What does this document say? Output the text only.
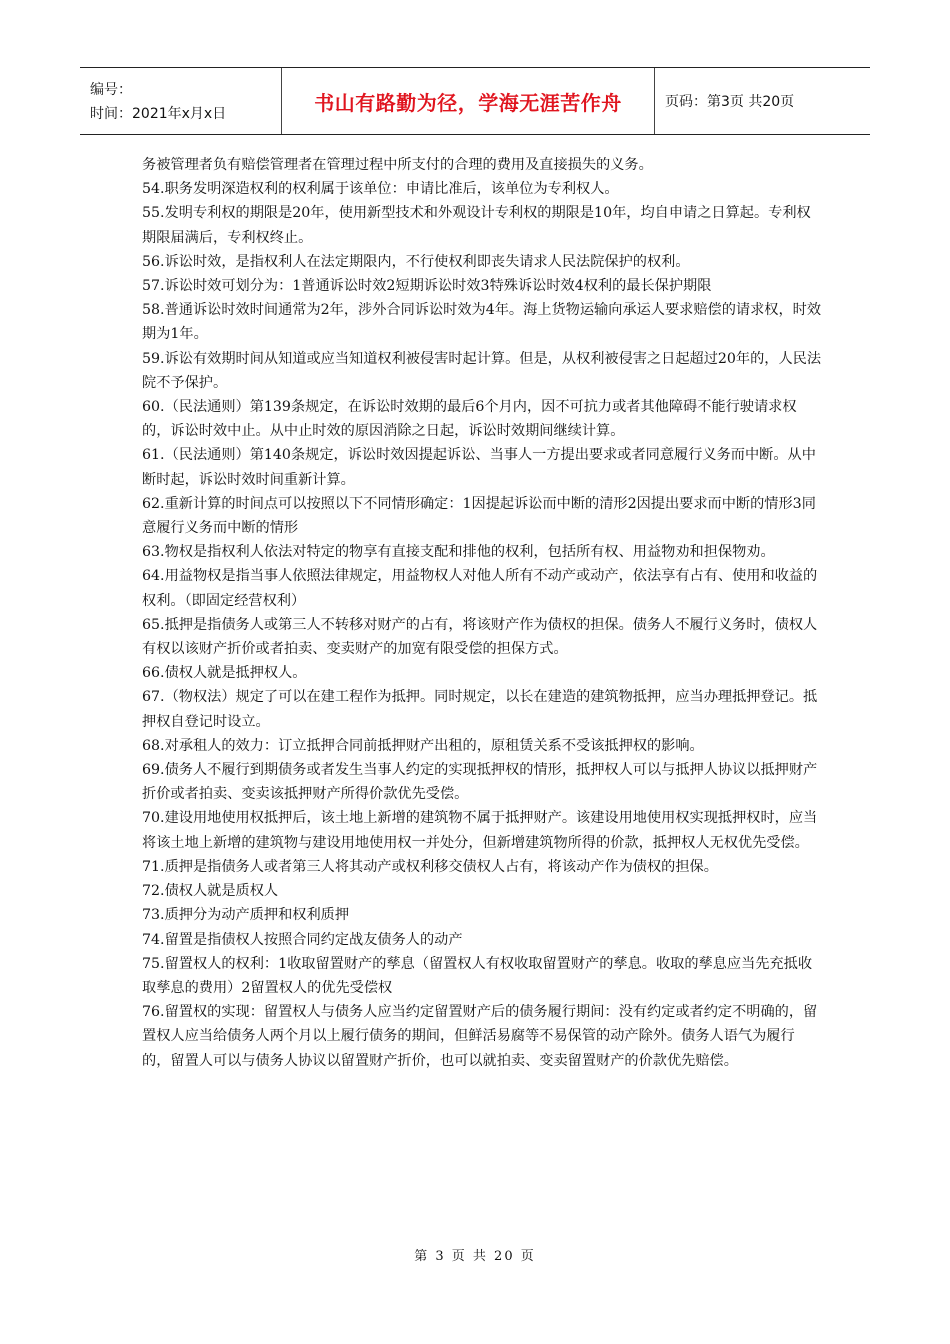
编号：
时间：2021年x月x日	书山有路勤为径，学海无涯苦作舟	页码：第3页 共20页

务被管理者负有赔偿管理者在管理过程中所支付的合理的费用及直接损失的义务。

54.职务发明深造权利的权利属于该单位：申请比准后，该单位为专利权人。

55.发明专利权的期限是20年，使用新型技术和外观设计专利权的期限是10年，均自申请之日算起。专利权期限届满后，专利权终止。

56.诉讼时效，是指权利人在法定期限内，不行使权利即丧失请求人民法院保护的权利。

57.诉讼时效可划分为：1普通诉讼时效2短期诉讼时效3特殊诉讼时效4权利的最长保护期限

58.普通诉讼时效时间通常为2年，涉外合同诉讼时效为4年。海上货物运输向承运人要求赔偿的请求权，时效期为1年。

59.诉讼有效期时间从知道或应当知道权利被侵害时起计算。但是，从权利被侵害之日起超过20年的，人民法院不予保护。

60.（民法通则）第139条规定，在诉讼时效期的最后6个月内，因不可抗力或者其他障碍不能行驶请求权的，诉讼时效中止。从中止时效的原因消除之日起，诉讼时效期间继续计算。

61.（民法通则）第140条规定，诉讼时效因提起诉讼、当事人一方提出要求或者同意履行义务而中断。从中断时起，诉讼时效时间重新计算。

62.重新计算的时间点可以按照以下不同情形确定：1因提起诉讼而中断的清形2因提出要求而中断的情形3同意履行义务而中断的情形

63.物权是指权利人依法对特定的物享有直接支配和排他的权利，包括所有权、用益物劝和担保物劝。

64.用益物权是指当事人依照法律规定，用益物权人对他人所有不动产或动产，依法享有占有、使用和收益的权利。（即固定经营权利）

65.抵押是指债务人或第三人不转移对财产的占有，将该财产作为债权的担保。债务人不履行义务时，债权人有权以该财产折价或者拍卖、变卖财产的加宽有限受偿的担保方式。

66.债权人就是抵押权人。

67.（物权法）规定了可以在建工程作为抵押。同时规定，以长在建造的建筑物抵押，应当办理抵押登记。抵押权自登记时设立。

68.对承租人的效力：订立抵押合同前抵押财产出租的，原租赁关系不受该抵押权的影响。

69.债务人不履行到期债务或者发生当事人约定的实现抵押权的情形，抵押权人可以与抵押人协议以抵押财产折价或者拍卖、变卖该抵押财产所得价款优先受偿。

70.建设用地使用权抵押后，该土地上新增的建筑物不属于抵押财产。该建设用地使用权实现抵押权时，应当将该土地上新增的建筑物与建设用地使用权一并处分，但新增建筑物所得的价款，抵押权人无权优先受偿。

71.质押是指债务人或者第三人将其动产或权利移交债权人占有，将该动产作为债权的担保。

72.债权人就是质权人

73.质押分为动产质押和权利质押

74.留置是指债权人按照合同约定战友债务人的动产

75.留置权人的权利：1收取留置财产的孳息（留置权人有权收取留置财产的孳息。收取的孳息应当先充抵收取孳息的费用）2留置权人的优先受偿权

76.留置权的实现：留置权人与债务人应当约定留置财产后的债务履行期间：没有约定或者约定不明确的，留置权人应当给债务人两个月以上履行债务的期间，但鲜活易腐等不易保管的动产除外。债务人语气为履行的，留置人可以与债务人协议以留置财产折价，也可以就拍卖、变卖留置财产的价款优先赔偿。

第 3 页 共 20 页
